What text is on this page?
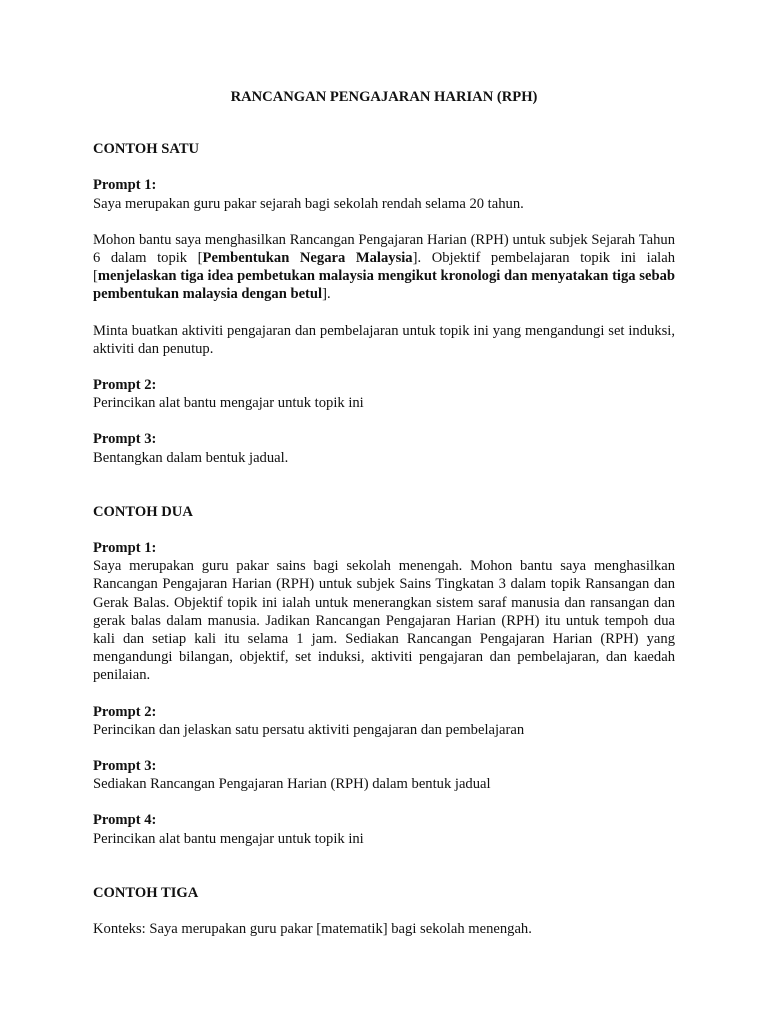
RANCANGAN PENGAJARAN HARIAN (RPH)
CONTOH SATU
Prompt 1:

Saya merupakan guru pakar sejarah bagi sekolah rendah selama 20 tahun.

Mohon bantu saya menghasilkan Rancangan Pengajaran Harian (RPH) untuk subjek Sejarah Tahun 6 dalam topik [Pembentukan Negara Malaysia]. Objektif pembelajaran topik ini ialah [menjelaskan tiga idea pembetukan malaysia mengikut kronologi dan menyatakan tiga sebab pembentukan malaysia dengan betul].

Minta buatkan aktiviti pengajaran dan pembelajaran untuk topik ini yang mengandungi set induksi, aktiviti dan penutup.

Prompt 2:

Perincikan alat bantu mengajar untuk topik ini

Prompt 3:

Bentangkan dalam bentuk jadual.

CONTOH DUA
Prompt 1:

Saya merupakan guru pakar sains bagi sekolah menengah. Mohon bantu saya menghasilkan Rancangan Pengajaran Harian (RPH) untuk subjek Sains Tingkatan 3 dalam topik Ransangan dan Gerak Balas. Objektif topik ini ialah untuk menerangkan sistem saraf manusia dan ransangan dan gerak balas dalam manusia. Jadikan Rancangan Pengajaran Harian (RPH) itu untuk tempoh dua kali dan setiap kali itu selama 1 jam. Sediakan Rancangan Pengajaran Harian (RPH) yang mengandungi bilangan, objektif, set induksi, aktiviti pengajaran dan pembelajaran, dan kaedah penilaian.

Prompt 2:

Perincikan dan jelaskan satu persatu aktiviti pengajaran dan pembelajaran

Prompt 3:

Sediakan Rancangan Pengajaran Harian (RPH) dalam bentuk jadual

Prompt 4:

Perincikan alat bantu mengajar untuk topik ini

CONTOH TIGA

Konteks: Saya merupakan guru pakar [matematik] bagi sekolah menengah.
